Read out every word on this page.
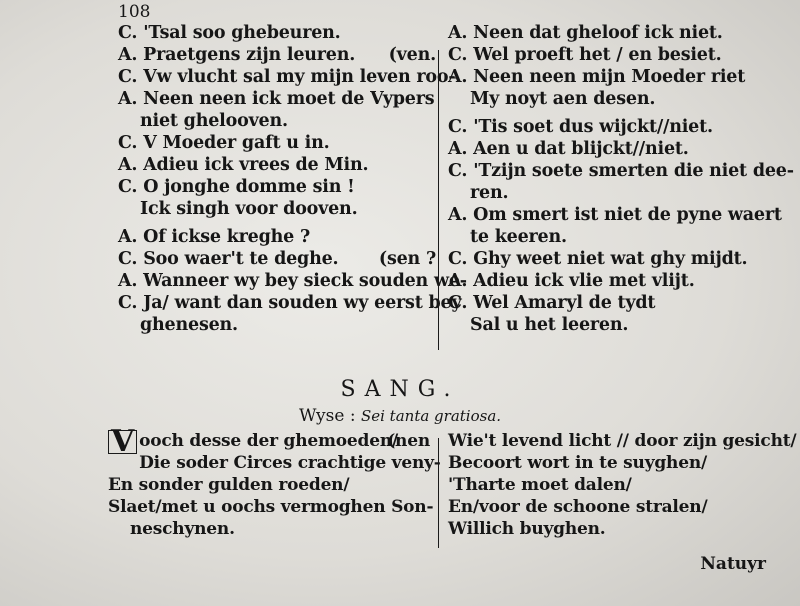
108
C. 'Tsal soo ghebeuren.
A. Praetgens zijn leuren. (ven.
C. Vw vlucht sal my mijn leven roo-
A. Neen neen ick moet de Vypers
niet ghelooven.
C. V Moeder gaft u in.
A. Adieu ick vrees de Min.
C. O jonghe domme sin !
Ick singh voor dooven.
A. Of ickse kreghe ?
C. Soo waer't te deghe. (sen ?
A. Wanneer wy bey sieck souden we-
C. Ja/ want dan souden wy eerst bey
ghenesen.
A. Neen dat gheloof ick niet.
C. Wel proeft het / en besiet.
A. Neen neen mijn Moeder riet
My noyt aen desen.
C. 'Tis soet dus wijckt//niet.
A. Aen u dat blijckt//niet.
C. 'Tzijn soete smerten die niet dee-
ren.
A. Om smert ist niet de pyne waert
te keeren.
C. Ghy weet niet wat ghy mijdt.
A. Adieu ick vlie met vlijt.
C. Wel Amaryl de tydt
Sal u het leeren.
SANG.
Wyse : Sei tanta gratiosa.
V ooch desse der ghemoeden/
(nen
Die soder Circes crachtige veny-
En sonder gulden roeden/
Slaet/met u oochs vermoghen Son-
neschynen.
Wie't levend licht // door zijn gesicht/
Becoort wort in te suyghen/
'Tharte moet dalen/
En/voor de schoone stralen/
Willich buyghen.
Natuyr
